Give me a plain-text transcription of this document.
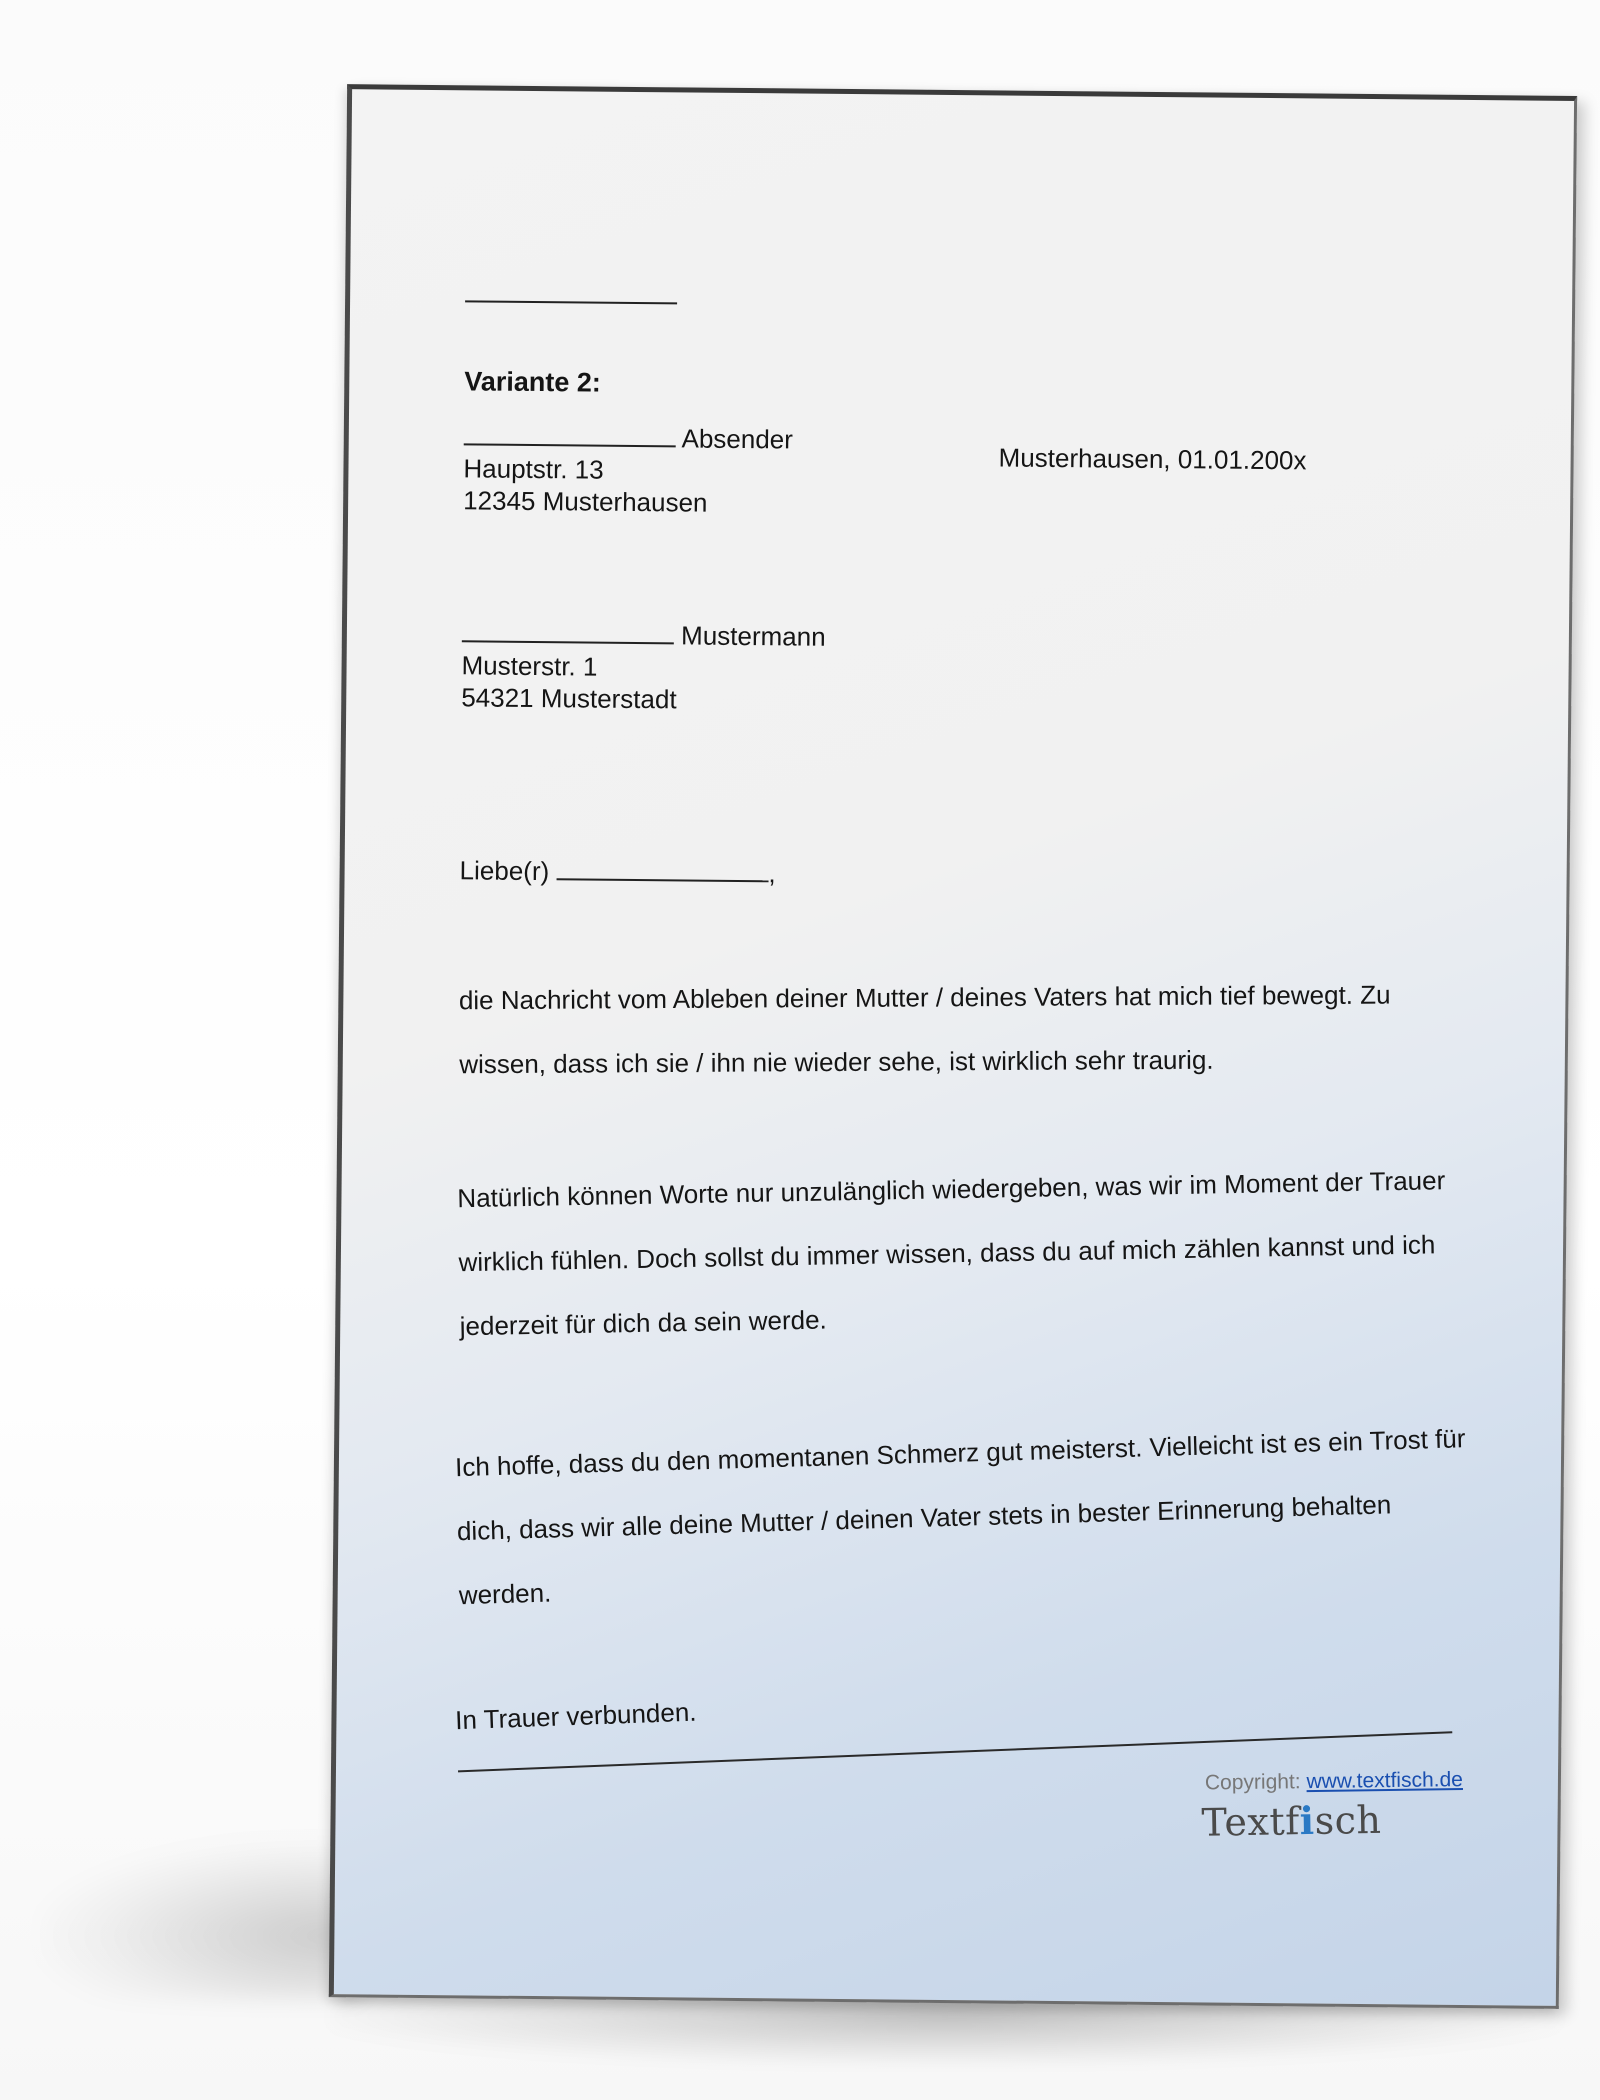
Variante 2:
Absender
Hauptstr. 13
12345 Musterhausen
Musterhausen, 01.01.200x
Mustermann
Musterstr. 1
54321 Musterstadt
Liebe(r)	,
die Nachricht vom Ableben deiner Mutter / deines Vaters hat mich tief bewegt. Zu
wissen, dass ich sie / ihn nie wieder sehe, ist wirklich sehr traurig.
Natürlich können Worte nur unzulänglich wiedergeben, was wir im Moment der Trauer
wirklich fühlen. Doch sollst du immer wissen, dass du auf mich zählen kannst und ich
jederzeit für dich da sein werde.
Ich hoffe, dass du den momentanen Schmerz gut meisterst. Vielleicht ist es ein Trost für
dich, dass wir alle deine Mutter / deinen Vater stets in bester Erinnerung behalten
werden.
In Trauer verbunden.
Copyright: www.textfisch.de
Textfisch
